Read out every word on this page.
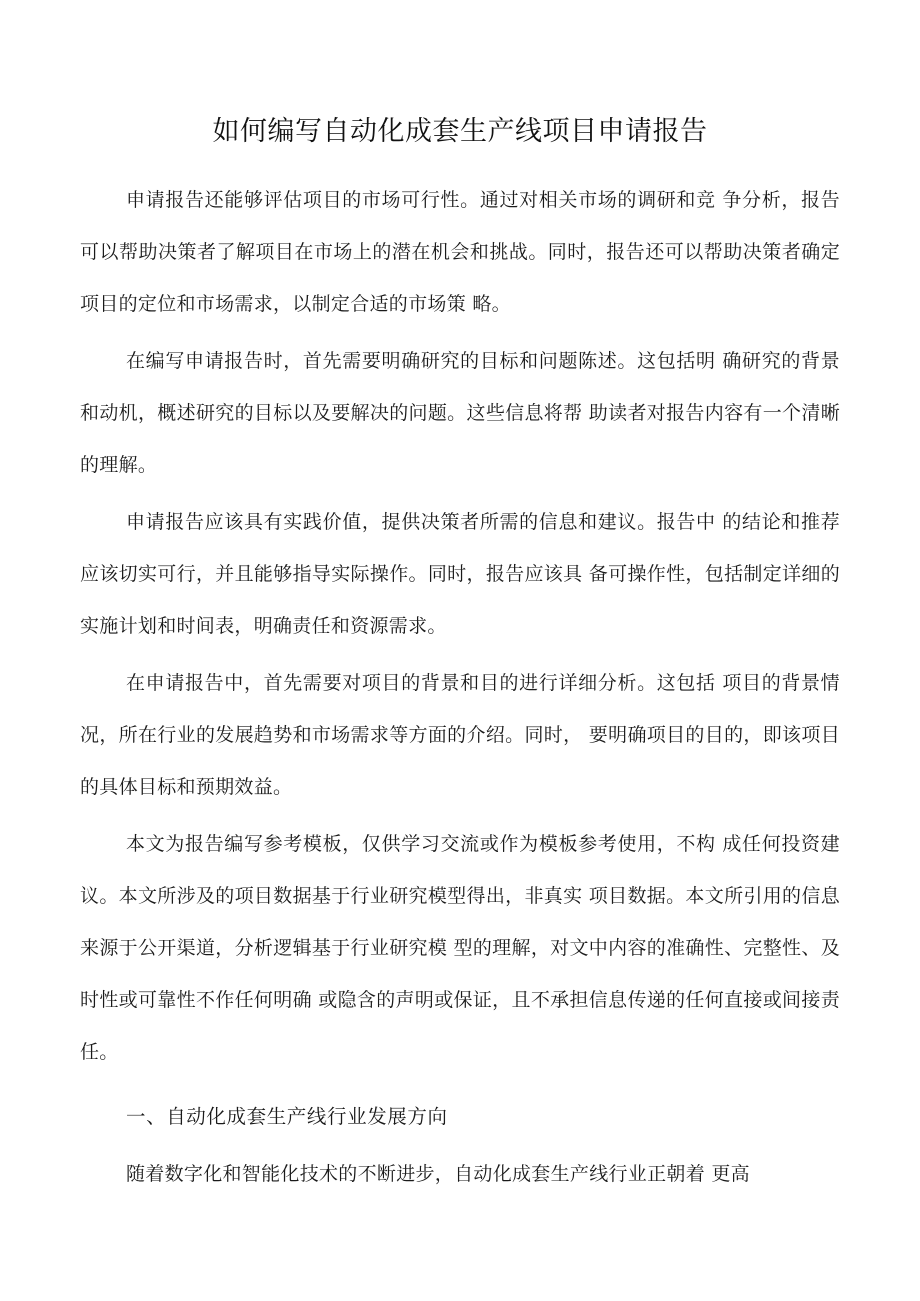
如何编写自动化成套生产线项目申请报告

申请报告还能够评估项目的市场可行性。通过对相关市场的调研和竞 争分析，报告可以帮助决策者了解项目在市场上的潜在机会和挑战。同时，报告还可以帮助决策者确定项目的定位和市场需求，以制定合适的市场策 略。

在编写申请报告时，首先需要明确研究的目标和问题陈述。这包括明 确研究的背景和动机，概述研究的目标以及要解决的问题。这些信息将帮 助读者对报告内容有一个清晰的理解。

申请报告应该具有实践价值，提供决策者所需的信息和建议。报告中 的结论和推荐应该切实可行，并且能够指导实际操作。同时，报告应该具 备可操作性，包括制定详细的实施计划和时间表，明确责任和资源需求。

在申请报告中，首先需要对项目的背景和目的进行详细分析。这包括 项目的背景情况，所在行业的发展趋势和市场需求等方面的介绍。同时， 要明确项目的目的，即该项目的具体目标和预期效益。

本文为报告编写参考模板，仅供学习交流或作为模板参考使用，不构 成任何投资建议。本文所涉及的项目数据基于行业研究模型得出，非真实 项目数据。本文所引用的信息来源于公开渠道，分析逻辑基于行业研究模 型的理解，对文中内容的准确性、完整性、及时性或可靠性不作任何明确 或隐含的声明或保证，且不承担信息传递的任何直接或间接责任。

一、自动化成套生产线行业发展方向

随着数字化和智能化技术的不断进步，自动化成套生产线行业正朝着 更高
